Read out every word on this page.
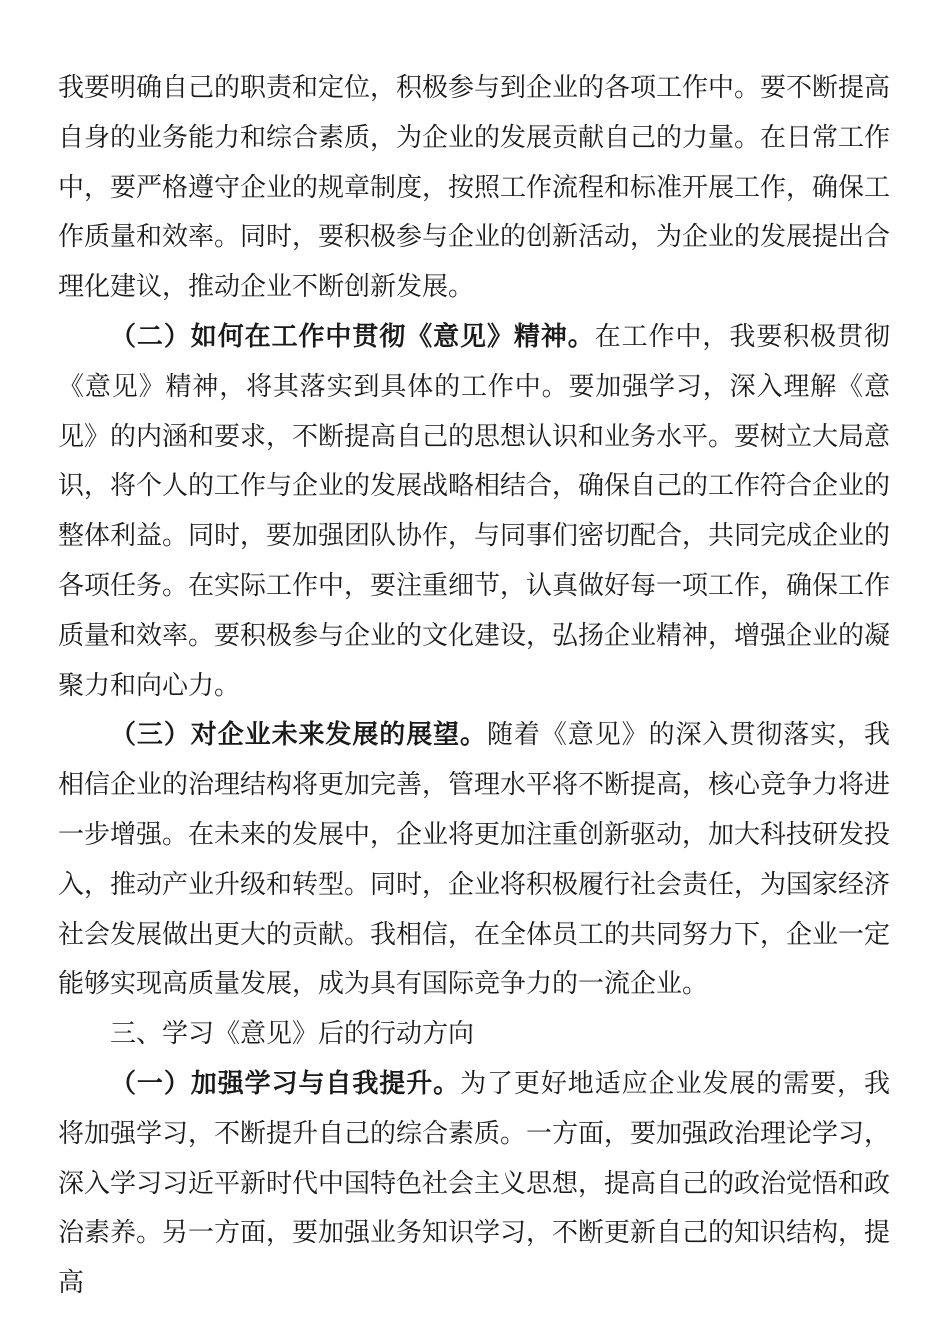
我要明确自己的职责和定位，积极参与到企业的各项工作中。要不断提高自身的业务能力和综合素质，为企业的发展贡献自己的力量。在日常工作中，要严格遵守企业的规章制度，按照工作流程和标准开展工作，确保工作质量和效率。同时，要积极参与企业的创新活动，为企业的发展提出合理化建议，推动企业不断创新发展。

（二）如何在工作中贯彻《意见》精神。在工作中，我要积极贯彻《意见》精神，将其落实到具体的工作中。要加强学习，深入理解《意见》的内涵和要求，不断提高自己的思想认识和业务水平。要树立大局意识，将个人的工作与企业的发展战略相结合，确保自己的工作符合企业的整体利益。同时，要加强团队协作，与同事们密切配合，共同完成企业的各项任务。在实际工作中，要注重细节，认真做好每一项工作，确保工作质量和效率。要积极参与企业的文化建设，弘扬企业精神，增强企业的凝聚力和向心力。

（三）对企业未来发展的展望。随着《意见》的深入贯彻落实，我相信企业的治理结构将更加完善，管理水平将不断提高，核心竞争力将进一步增强。在未来的发展中，企业将更加注重创新驱动，加大科技研发投入，推动产业升级和转型。同时，企业将积极履行社会责任，为国家经济社会发展做出更大的贡献。我相信，在全体员工的共同努力下，企业一定能够实现高质量发展，成为具有国际竞争力的一流企业。

三、学习《意见》后的行动方向

（一）加强学习与自我提升。为了更好地适应企业发展的需要，我将加强学习，不断提升自己的综合素质。一方面，要加强政治理论学习，深入学习习近平新时代中国特色社会主义思想，提高自己的政治觉悟和政治素养。另一方面，要加强业务知识学习，不断更新自己的知识结构，提高
